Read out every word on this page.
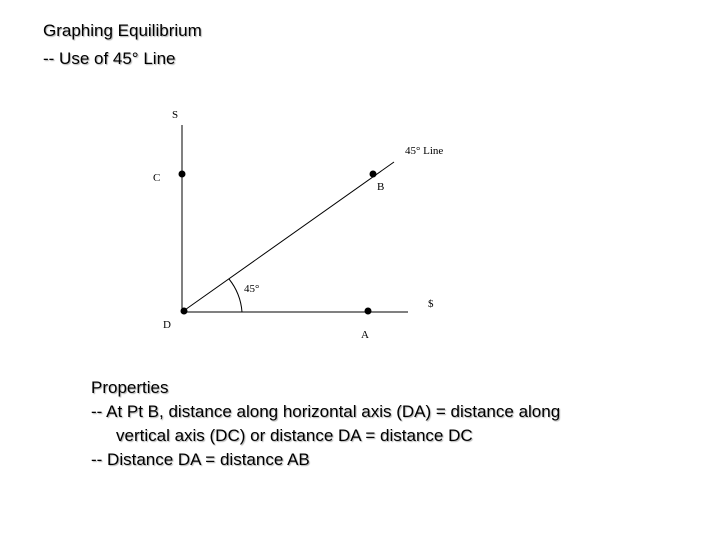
Graphing Equilibrium
-- Use of 45° Line
S
45° Line
C
B
45°
$
D
A
Properties
-- At Pt B, distance along horizontal axis (DA) = distance along
vertical axis (DC) or distance DA = distance DC
-- Distance DA = distance AB
